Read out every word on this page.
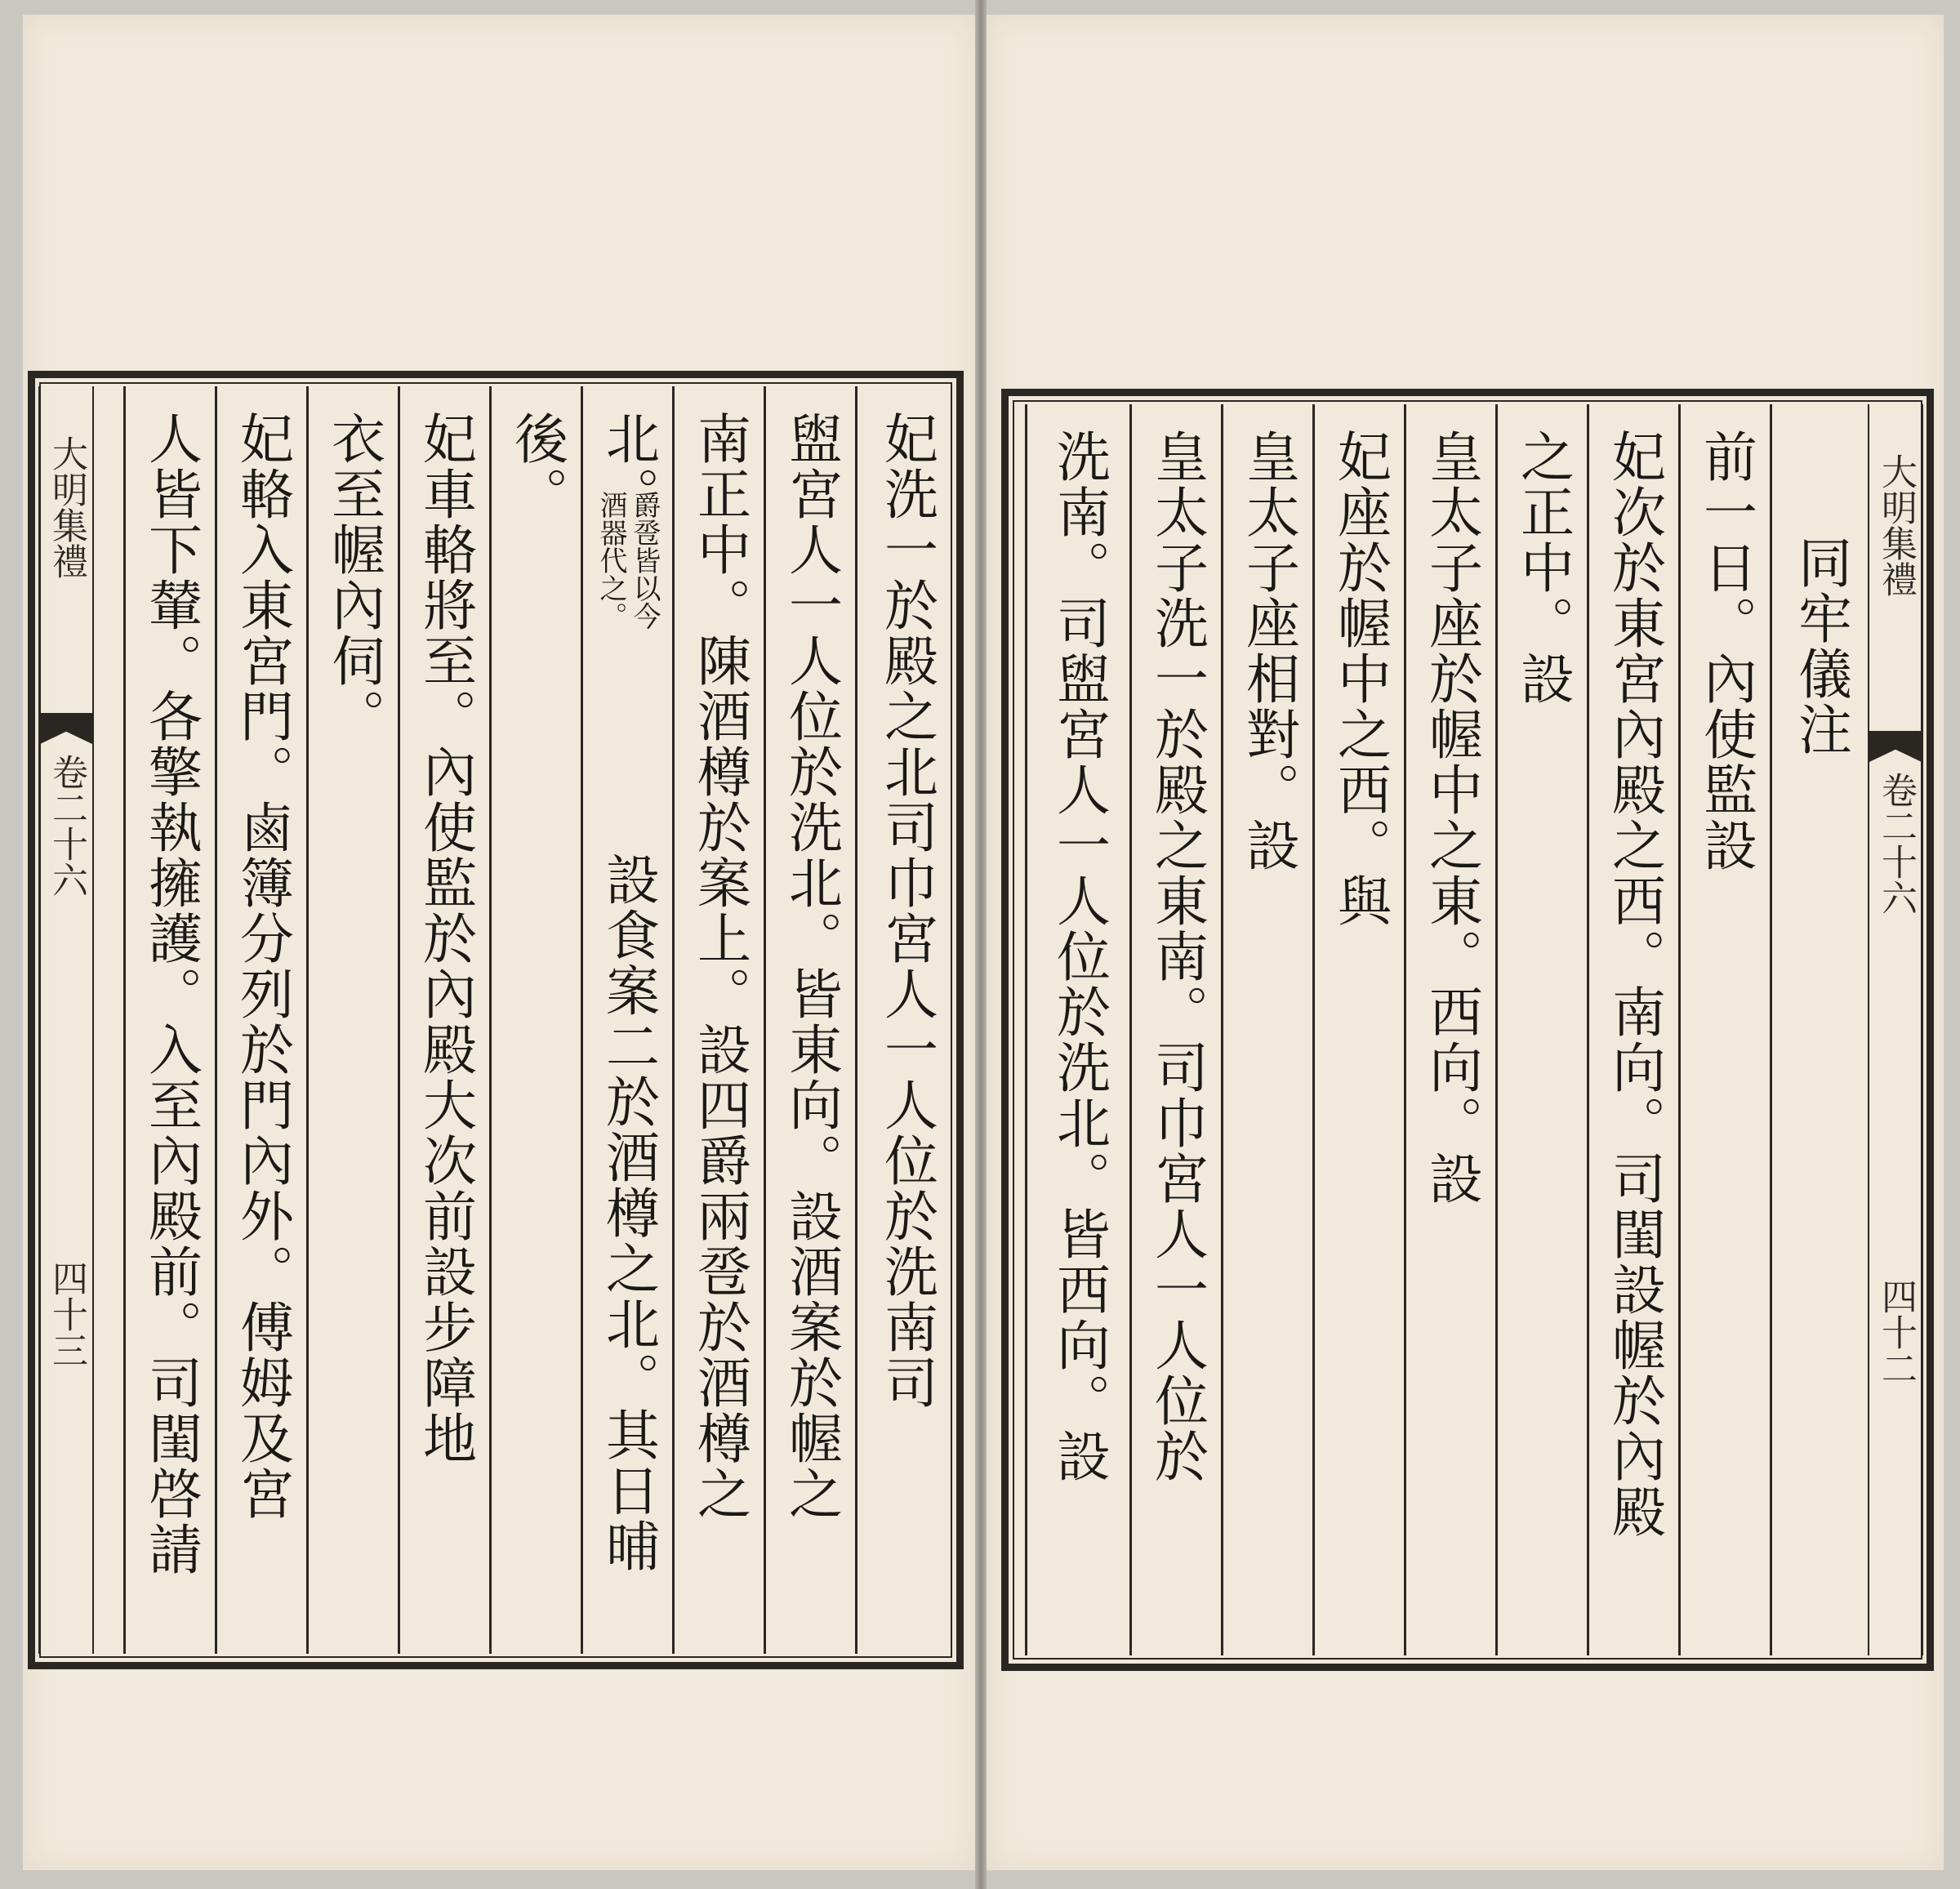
大明集禮
卷二十六
四十三	妃洗一於殿之北司巾宮人一人位於洗南司
盥宮人一人位於洗北。皆東向。設酒案於幄之
南正中。陳酒樽於案上。設四爵兩卺於酒樽之
北。
爵卺皆以今
酒器代之。
設食案二於酒樽之北。其日晡
後。
妃車輅將至。內使監於內殿大次前設步障地
衣至幄內伺。
妃輅入東宮門。鹵簿分列於門內外。傅姆及宮
人皆下輦。各擎執擁護。入至內殿前。司閨啓請	大明集禮
卷二十六
四十二
同牢儀注
前一日。內使監設
妃次於東宮內殿之西。南向。司閨設幄於內殿
之正中。設
皇太子座於幄中之東。西向。設
妃座於幄中之西。與
皇太子座相對。設
皇太子洗一於殿之東南。司巾宮人一人位於
洗南。司盥宮人一人位於洗北。皆西向。設
